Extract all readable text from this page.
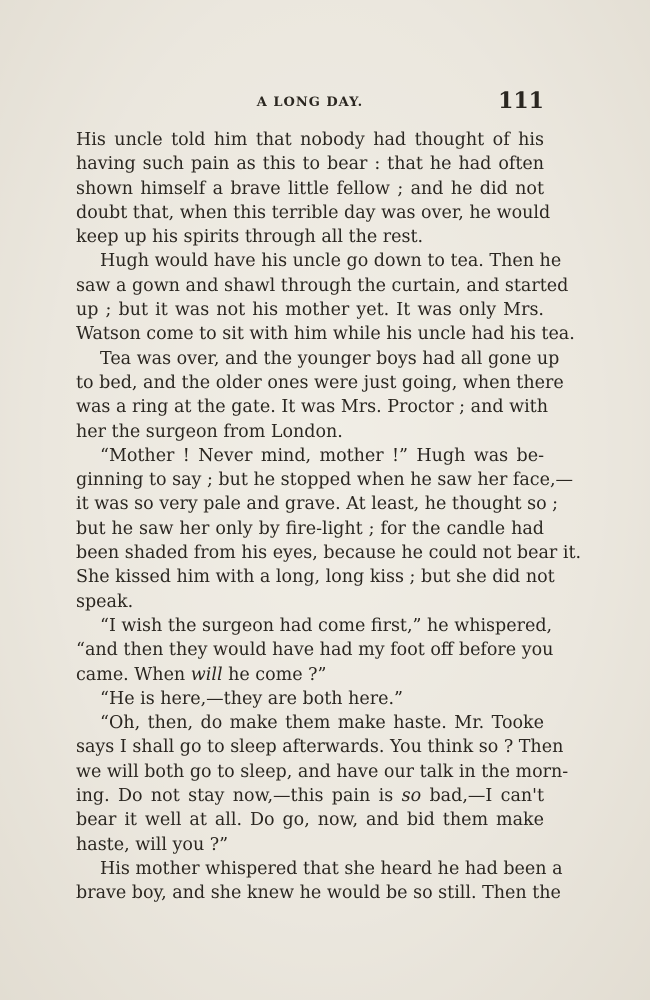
A LONG DAY.	111
His uncle told him that nobody had thought of his
having such pain as this to bear : that he had often
shown himself a brave little fellow ; and he did not
doubt that, when this terrible day was over, he would
keep up his spirits through all the rest.
Hugh would have his uncle go down to tea. Then he
saw a gown and shawl through the curtain, and started
up ; but it was not his mother yet. It was only Mrs.
Watson come to sit with him while his uncle had his tea.
Tea was over, and the younger boys had all gone up
to bed, and the older ones were just going, when there
was a ring at the gate. It was Mrs. Proctor ; and with
her the surgeon from London.
“Mother ! Never mind, mother !” Hugh was be-
ginning to say ; but he stopped when he saw her face,—
it was so very pale and grave. At least, he thought so ;
but he saw her only by fire-light ; for the candle had
been shaded from his eyes, because he could not bear it.
She kissed him with a long, long kiss ; but she did not
speak.
“I wish the surgeon had come first,” he whispered,
“and then they would have had my foot off before you
came. When will he come ?”
“He is here,—they are both here.”
“Oh, then, do make them make haste. Mr. Tooke
says I shall go to sleep afterwards. You think so ? Then
we will both go to sleep, and have our talk in the morn-
ing. Do not stay now,—this pain is so bad,—I can't
bear it well at all. Do go, now, and bid them make
haste, will you ?”
His mother whispered that she heard he had been a
brave boy, and she knew he would be so still. Then the
